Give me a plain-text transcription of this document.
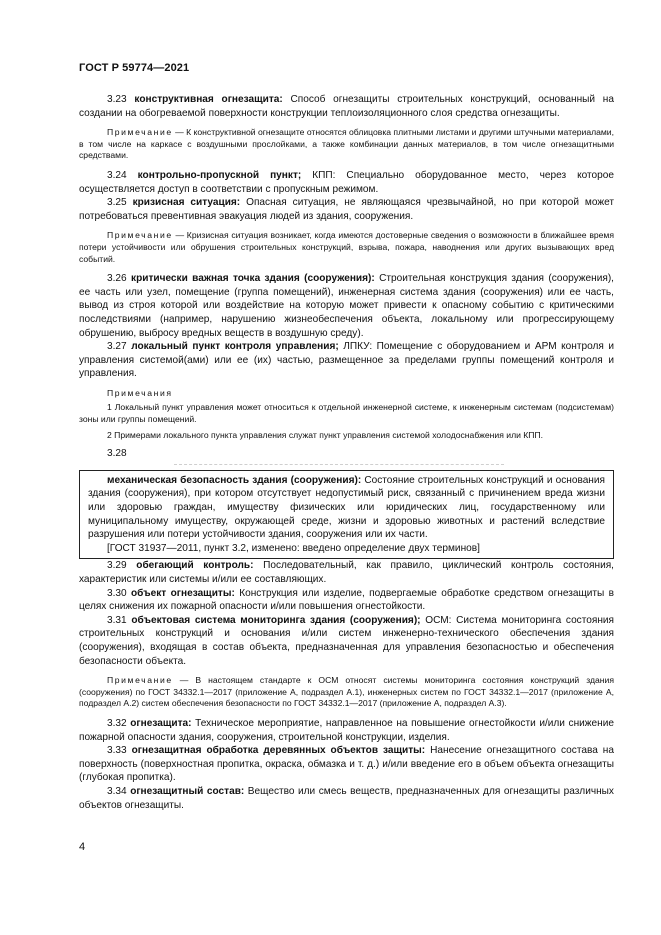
ГОСТ Р 59774—2021

3.23 конструктивная огнезащита: Способ огнезащиты строительных конструкций, основанный на создании на обогреваемой поверхности конструкции теплоизоляционного слоя средства огнезащиты.

Примечание — К конструктивной огнезащите относятся облицовка плитными листами и другими штучными материалами, в том числе на каркасе с воздушными прослойками, а также комбинации данных материалов, в том числе огнезащитными средствами.

3.24 контрольно-пропускной пункт; КПП: Специально оборудованное место, через которое осуществляется доступ в соответствии с пропускным режимом.

3.25 кризисная ситуация: Опасная ситуация, не являющаяся чрезвычайной, но при которой может потребоваться превентивная эвакуация людей из здания, сооружения.

Примечание — Кризисная ситуация возникает, когда имеются достоверные сведения о возможности в ближайшее время потери устойчивости или обрушения строительных конструкций, взрыва, пожара, наводнения или других вызывающих вред событий.

3.26 критически важная точка здания (сооружения): Строительная конструкция здания (сооружения), ее часть или узел, помещение (группа помещений), инженерная система здания (сооружения) или ее часть, вывод из строя которой или воздействие на которую может привести к опасному событию с критическими последствиями (например, нарушению жизнеобеспечения объекта, локальному или прогрессирующему обрушению, выбросу вредных веществ в воздушную среду).

3.27 локальный пункт контроля управления; ЛПКУ: Помещение с оборудованием и АРМ контроля и управления системой(ами) или ее (их) частью, размещенное за пределами группы помещений контроля и управления.

Примечания

1 Локальный пункт управления может относиться к отдельной инженерной системе, к инженерным системам (подсистемам) зоны или группы помещений.

2 Примерами локального пункта управления служат пункт управления системой холодоснабжения или КПП.

3.28

механическая безопасность здания (сооружения): Состояние строительных конструкций и основания здания (сооружения), при котором отсутствует недопустимый риск, связанный с причинением вреда жизни или здоровью граждан, имуществу физических или юридических лиц, государственному или муниципальному имуществу, окружающей среде, жизни и здоровью животных и растений вследствие разрушения или потери устойчивости здания, сооружения или их части.

[ГОСТ 31937—2011, пункт 3.2, изменено: введено определение двух терминов]

3.29 обегающий контроль: Последовательный, как правило, циклический контроль состояния, характеристик или системы и/или ее составляющих.

3.30 объект огнезащиты: Конструкция или изделие, подвергаемые обработке средством огнезащиты в целях снижения их пожарной опасности и/или повышения огнестойкости.

3.31 объектовая система мониторинга здания (сооружения); ОСМ: Система мониторинга состояния строительных конструкций и основания и/или систем инженерно-технического обеспечения здания (сооружения), входящая в состав объекта, предназначенная для управления безопасностью и обеспечения безопасности объекта.

Примечание — В настоящем стандарте к ОСМ относят системы мониторинга состояния конструкций здания (сооружения) по ГОСТ 34332.1—2017 (приложение А, подраздел А.1), инженерных систем по ГОСТ 34332.1—2017 (приложение А, подраздел А.2) систем обеспечения безопасности по ГОСТ 34332.1—2017 (приложение А, подраздел А.3).

3.32 огнезащита: Техническое мероприятие, направленное на повышение огнестойкости и/или снижение пожарной опасности здания, сооружения, строительной конструкции, изделия.

3.33 огнезащитная обработка деревянных объектов защиты: Нанесение огнезащитного состава на поверхность (поверхностная пропитка, окраска, обмазка и т. д.) и/или введение его в объем объекта огнезащиты (глубокая пропитка).

3.34 огнезащитный состав: Вещество или смесь веществ, предназначенных для огнезащиты различных объектов огнезащиты.

4
